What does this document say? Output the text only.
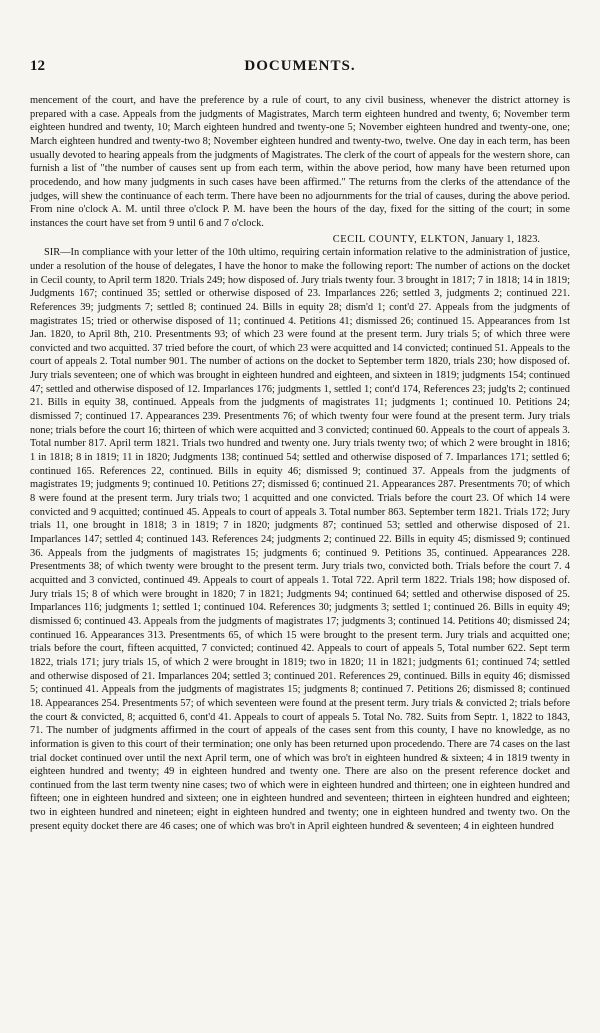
12	DOCUMENTS.

mencement of the court, and have the preference by a rule of court, to any civil business, whenever the district attorney is prepared with a case. Appeals from the judgments of Magistrates, March term eighteen hundred and twenty, 6; November term eighteen hundred and twenty, 10; March eighteen hundred and twenty-one 5; November eighteen hundred and twenty-one, one; March eighteen hundred and twenty-two 8; November eighteen hundred and twenty-two, twelve. One day in each term, has been usually devoted to hearing appeals from the judgments of Magistrates. The clerk of the court of appeals for the western shore, can furnish a list of "the number of causes sent up from each term, within the above period, how many have been returned upon procedendo, and how many judgments in such cases have been affirmed." The returns from the clerks of the attendance of the judges, will shew the continuance of each term. There have been no adjournments for the trial of causes, during the above period. From nine o'clock A. M. until three o'clock P. M. have been the hours of the day, fixed for the sitting of the court; in some instances the court have set from 9 until 6 and 7 o'clock.

CECIL COUNTY, ELKTON, January 1, 1823.

SIR—In compliance with your letter of the 10th ultimo, requiring certain information relative to the administration of justice, under a resolution of the house of delegates, I have the honor to make the following report: The number of actions on the docket in Cecil county, to April term 1820. Trials 249; how disposed of. Jury trials twenty four. 3 brought in 1817; 7 in 1818; 14 in 1819; Judgments 167; continued 35; settled or otherwise disposed of 23. Imparlances 226; settled 3, judgments 2; continued 221. References 39; judgments 7; settled 8; continued 24. Bills in equity 28; dism'd 1; cont'd 27. Appeals from the judgments of magistrates 15; tried or otherwise disposed of 11; continued 4. Petitions 41; dismissed 26; continued 15. Appearances from 1st Jan. 1820, to April 8th, 210. Presentments 93; of which 23 were found at the present term. Jury trials 5; of which three were convicted and two acquitted. 37 tried before the court, of which 23 were acquitted and 14 convicted; continued 51. Appeals to the court of appeals 2. Total number 901. The number of actions on the docket to September term 1820, trials 230; how disposed of. Jury trials seventeen; one of which was brought in eighteen hundred and eighteen, and sixteen in 1819; judgments 154; continued 47; settled and otherwise disposed of 12. Imparlances 176; judgments 1, settled 1; cont'd 174, References 23; judg'ts 2; continued 21. Bills in equity 38, continued. Appeals from the judgments of magistrates 11; judgments 1; continued 10. Petitions 24; dismissed 7; continued 17. Appearances 239. Presentments 76; of which twenty four were found at the present term. Jury trials none; trials before the court 16; thirteen of which were acquitted and 3 convicted; continued 60. Appeals to the court of appeals 3. Total number 817. April term 1821. Trials two hundred and twenty one. Jury trials twenty two; of which 2 were brought in 1816; 1 in 1818; 8 in 1819; 11 in 1820; Judgments 138; continued 54; settled and otherwise disposed of 7. Imparlances 171; settled 6; continued 165. References 22, continued. Bills in equity 46; dismissed 9; continued 37. Appeals from the judgments of magistrates 19; judgments 9; continued 10. Petitions 27; dismissed 6; continued 21. Appearances 287. Presentments 70; of which 8 were found at the present term. Jury trials two; 1 acquitted and one convicted. Trials before the court 23. Of which 14 were convicted and 9 acquitted; continued 45. Appeals to court of appeals 3. Total number 863. September term 1821. Trials 172; Jury trials 11, one brought in 1818; 3 in 1819; 7 in 1820; judgments 87; continued 53; settled and otherwise disposed of 21. Imparlances 147; settled 4; continued 143. References 24; judgments 2; continued 22. Bills in equity 45; dismissed 9; continued 36. Appeals from the judgments of magistrates 15; judgments 6; continued 9. Petitions 35, continued. Appearances 228. Presentments 38; of which twenty were brought to the present term. Jury trials two, convicted both. Trials before the court 7. 4 acquitted and 3 convicted, continued 49. Appeals to court of appeals 1. Total 722. April term 1822. Trials 198; how disposed of. Jury trials 15; 8 of which were brought in 1820; 7 in 1821; Judgments 94; continued 64; settled and otherwise disposed of 25. Imparlances 116; judgments 1; settled 1; continued 104. References 30; judgments 3; settled 1; continued 26. Bills in equity 49; dismissed 6; continued 43. Appeals from the judgments of magistrates 17; judgments 3; continued 14. Petitions 40; dismissed 24; continued 16. Appearances 313. Presentments 65, of which 15 were brought to the present term. Jury trials and acquitted one; trials before the court, fifteen acquitted, 7 convicted; continued 42. Appeals to court of appeals 5, Total number 622. Sept term 1822, trials 171; jury trials 15, of which 2 were brought in 1819; two in 1820; 11 in 1821; judgments 61; continued 74; settled and otherwise disposed of 21. Imparlances 204; settled 3; continued 201. References 29, continued. Bills in equity 46; dismissed 5; continued 41. Appeals from the judgments of magistrates 15; judgments 8; continued 7. Petitions 26; dismissed 8; continued 18. Appearances 254. Presentments 57; of which seventeen were found at the present term. Jury trials & convicted 2; trials before the court & convicted, 8; acquitted 6, cont'd 41. Appeals to court of appeals 5. Total No. 782. Suits from Septr. 1, 1822 to 1843, 71. The number of judgments affirmed in the court of appeals of the cases sent from this county, I have no knowledge, as no information is given to this court of their termination; one only has been returned upon procedendo. There are 74 cases on the last trial docket continued over until the next April term, one of which was bro't in eighteen hundred & sixteen; 4 in 1819 twenty in eighteen hundred and twenty; 49 in eighteen hundred and twenty one. There are also on the present reference docket and continued from the last term twenty nine cases; two of which were in eighteen hundred and thirteen; one in eighteen hundred and fifteen; one in eighteen hundred and sixteen; one in eighteen hundred and seventeen; thirteen in eighteen hundred and eighteen; two in eighteen hundred and nineteen; eight in eighteen hundred and twenty; one in eighteen hundred and twenty two. On the present equity docket there are 46 cases; one of which was bro't in April eighteen hundred & seventeen; 4 in eighteen hundred
